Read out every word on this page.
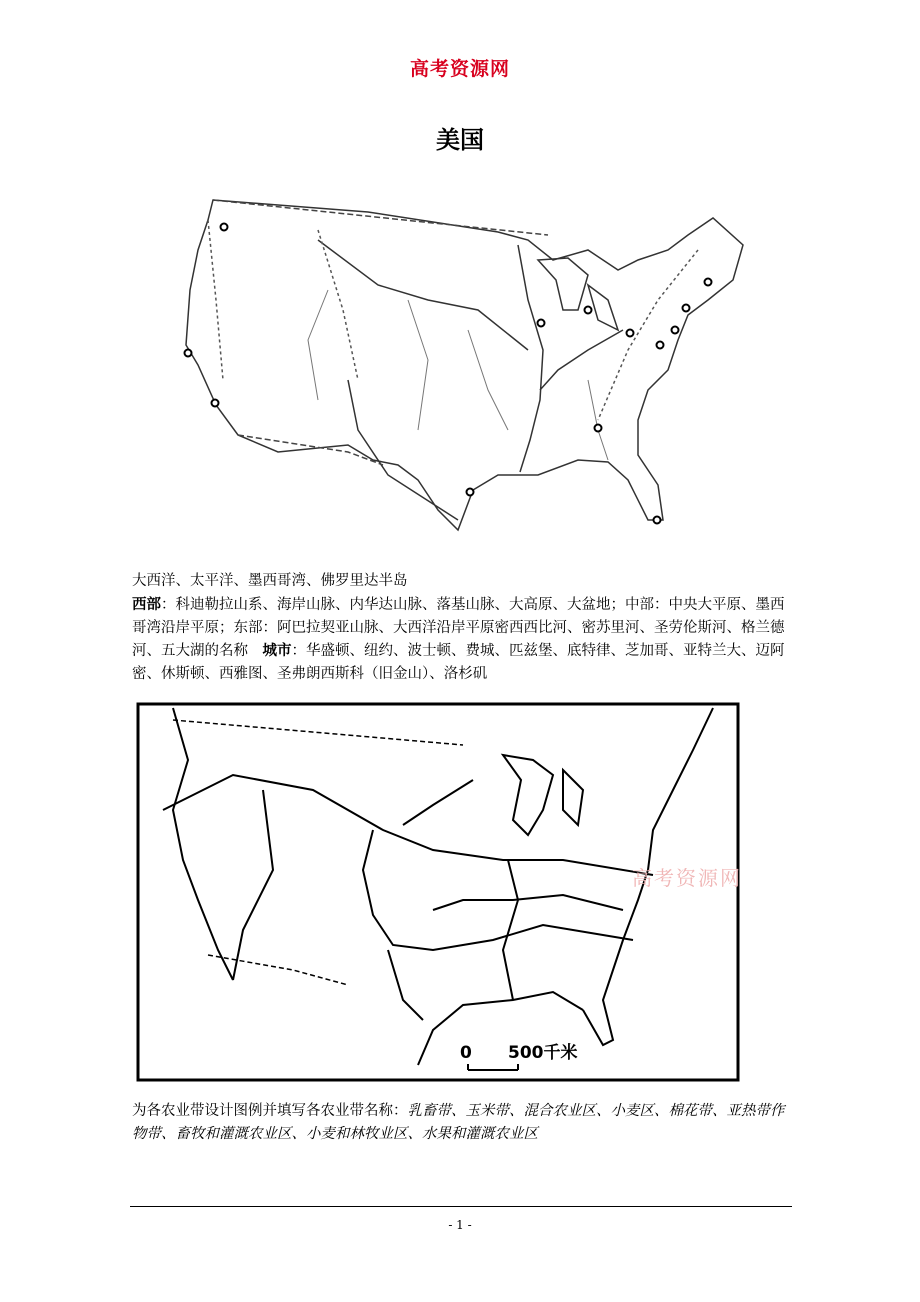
高考资源网
美国
大西洋、太平洋、墨西哥湾、佛罗里达半岛
西部：科迪勒拉山系、海岸山脉、内华达山脉、落基山脉、大高原、大盆地；中部：中央大平原、墨西哥湾沿岸平原；东部：阿巴拉契亚山脉、大西洋沿岸平原密西西比河、密苏里河、圣劳伦斯河、格兰德河、五大湖的名称　城市：华盛顿、纽约、波士顿、费城、匹兹堡、底特律、芝加哥、亚特兰大、迈阿密、休斯顿、西雅图、圣弗朗西斯科（旧金山）、洛杉矶
0 500千米
高考资源网
为各农业带设计图例并填写各农业带名称：乳畜带、玉米带、混合农业区、小麦区、棉花带、亚热带作物带、畜牧和灌溉农业区、小麦和林牧业区、水果和灌溉农业区
- 1 -
